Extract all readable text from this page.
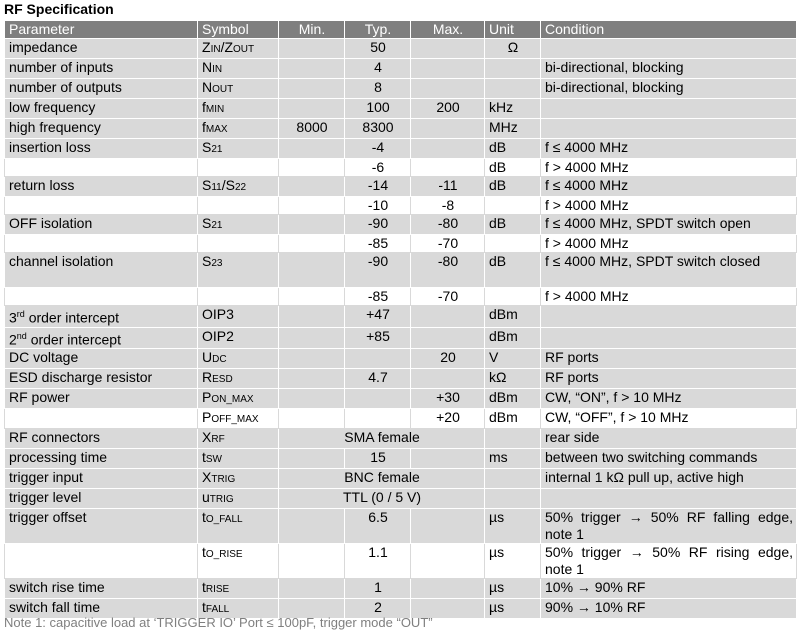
RF Specification
Parameter	Symbol	Min.	Typ.	Max.	Unit	Condition
impedance	ZIN/ZOUT		50		Ω	
number of inputs	NIN		4			bi-directional, blocking
number of outputs	NOUT		8			bi-directional, blocking
low frequency	fMIN		100	200	kHz	
high frequency	fMAX	8000	8300		MHz	
insertion loss	S21		-4		dB	f ≤ 4000 MHz
			-6		dB	f > 4000 MHz
return loss	S11/S22		-14	-11	dB	f ≤ 4000 MHz
			-10	-8		f > 4000 MHz
OFF isolation	S21		-90	-80	dB	f ≤ 4000 MHz, SPDT switch open
			-85	-70		f > 4000 MHz
channel isolation	S23		-90	-80	dB	f ≤ 4000 MHz, SPDT switch closed
			-85	-70		f > 4000 MHz
3rd order intercept	OIP3		+47		dBm	
2nd order intercept	OIP2		+85		dBm	
DC voltage	UDC			20	V	RF ports
ESD discharge resistor	RESD		4.7		kΩ	RF ports
RF power	PON_MAX			+30	dBm	CW, “ON”, f > 10 MHz
	POFF_MAX			+20	dBm	CW, “OFF”, f > 10 MHz
RF connectors	XRF	SMA female				rear side
processing time	tSW		15		ms	between two switching commands
trigger input	XTRIG	BNC female				internal 1 kΩ pull up, active high
trigger level	uTRIG	TTL (0 / 5 V)				
trigger offset	tO_FALL		6.5		µs	50% trigger → 50% RF falling edge, note 1
	tO_RISE		1.1		µs	50% trigger → 50% RF rising edge, note 1
switch rise time	tRISE		1		µs	10% → 90% RF
switch fall time	tFALL		2		µs	90% → 10% RF
Note 1: capacitive load at ‘TRIGGER IO’ Port ≤ 100pF, trigger mode “OUT”
